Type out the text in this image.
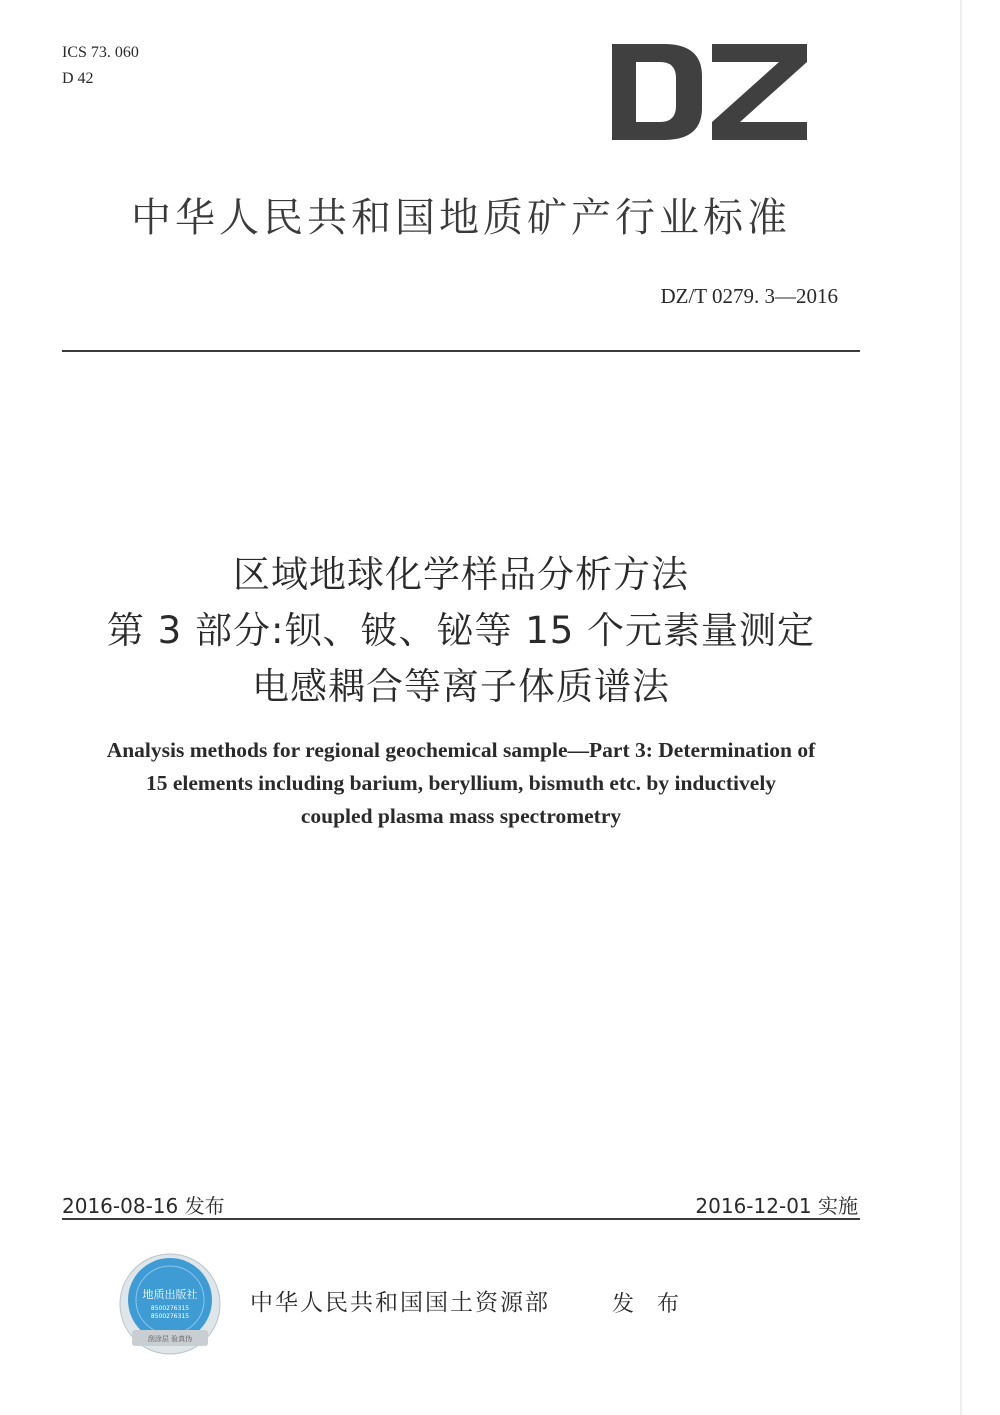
ICS 73. 060
D 42
中华人民共和国地质矿产行业标准
DZ/T 0279. 3—2016
区域地球化学样品分析方法
第 3 部分:钡、铍、铋等 15 个元素量测定
电感耦合等离子体质谱法
Analysis methods for regional geochemical sample—Part 3: Determination of
15 elements including barium, beryllium, bismuth etc. by inductively
coupled plasma mass spectrometry
2016-08-16 发布	2016-12-01 实施
地质出版社
8500276315
8500276315
刮涂层 验真伪
中华人民共和国国土资源部	发 布
